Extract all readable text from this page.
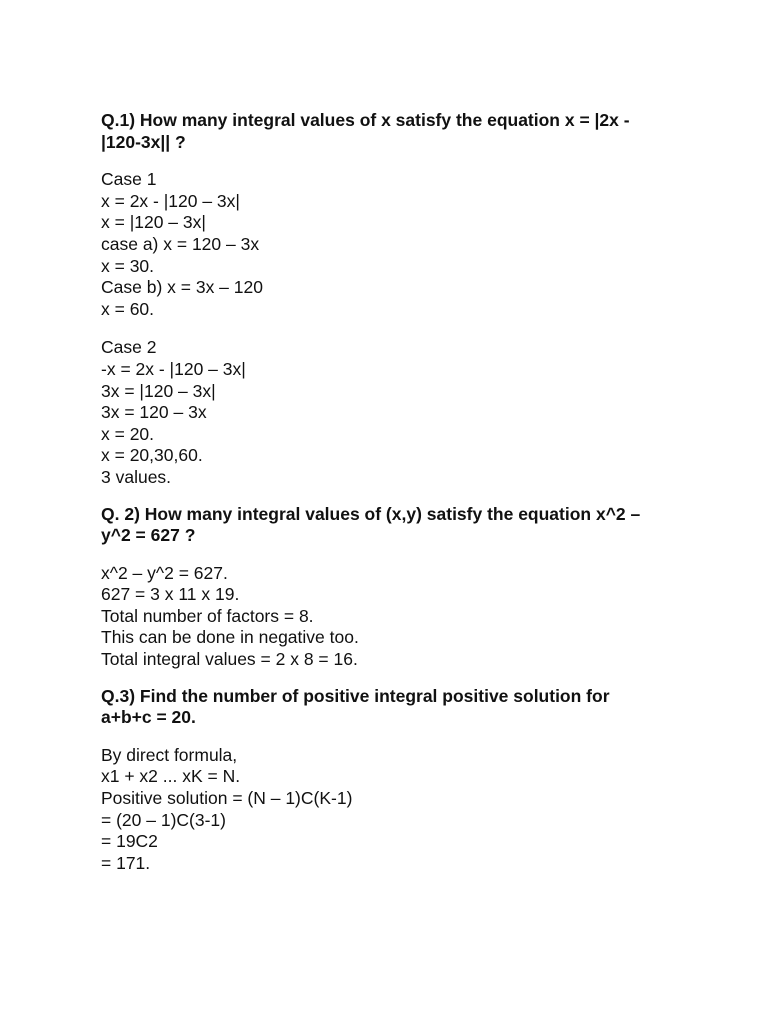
Q.1) How many integral values of x satisfy the equation x = |2x -
|120-3x|| ?
Case 1
x = 2x - |120 – 3x|
x = |120 – 3x|
case a) x = 120 – 3x
x = 30.
Case b) x = 3x – 120
x = 60.
Case 2
-x = 2x - |120 – 3x|
3x = |120 – 3x|
3x = 120 – 3x
x = 20.
x = 20,30,60.
3 values.
Q. 2) How many integral values of (x,y) satisfy the equation x^2 –
y^2 = 627 ?
x^2 – y^2 = 627.
627 = 3 x 11 x 19.
Total number of factors = 8.
This can be done in negative too.
Total integral values = 2 x 8 = 16.
Q.3) Find the number of positive integral positive solution for
a+b+c = 20.
By direct formula,
x1 + x2 ... xK = N.
Positive solution = (N – 1)C(K-1)
= (20 – 1)C(3-1)
= 19C2
= 171.
